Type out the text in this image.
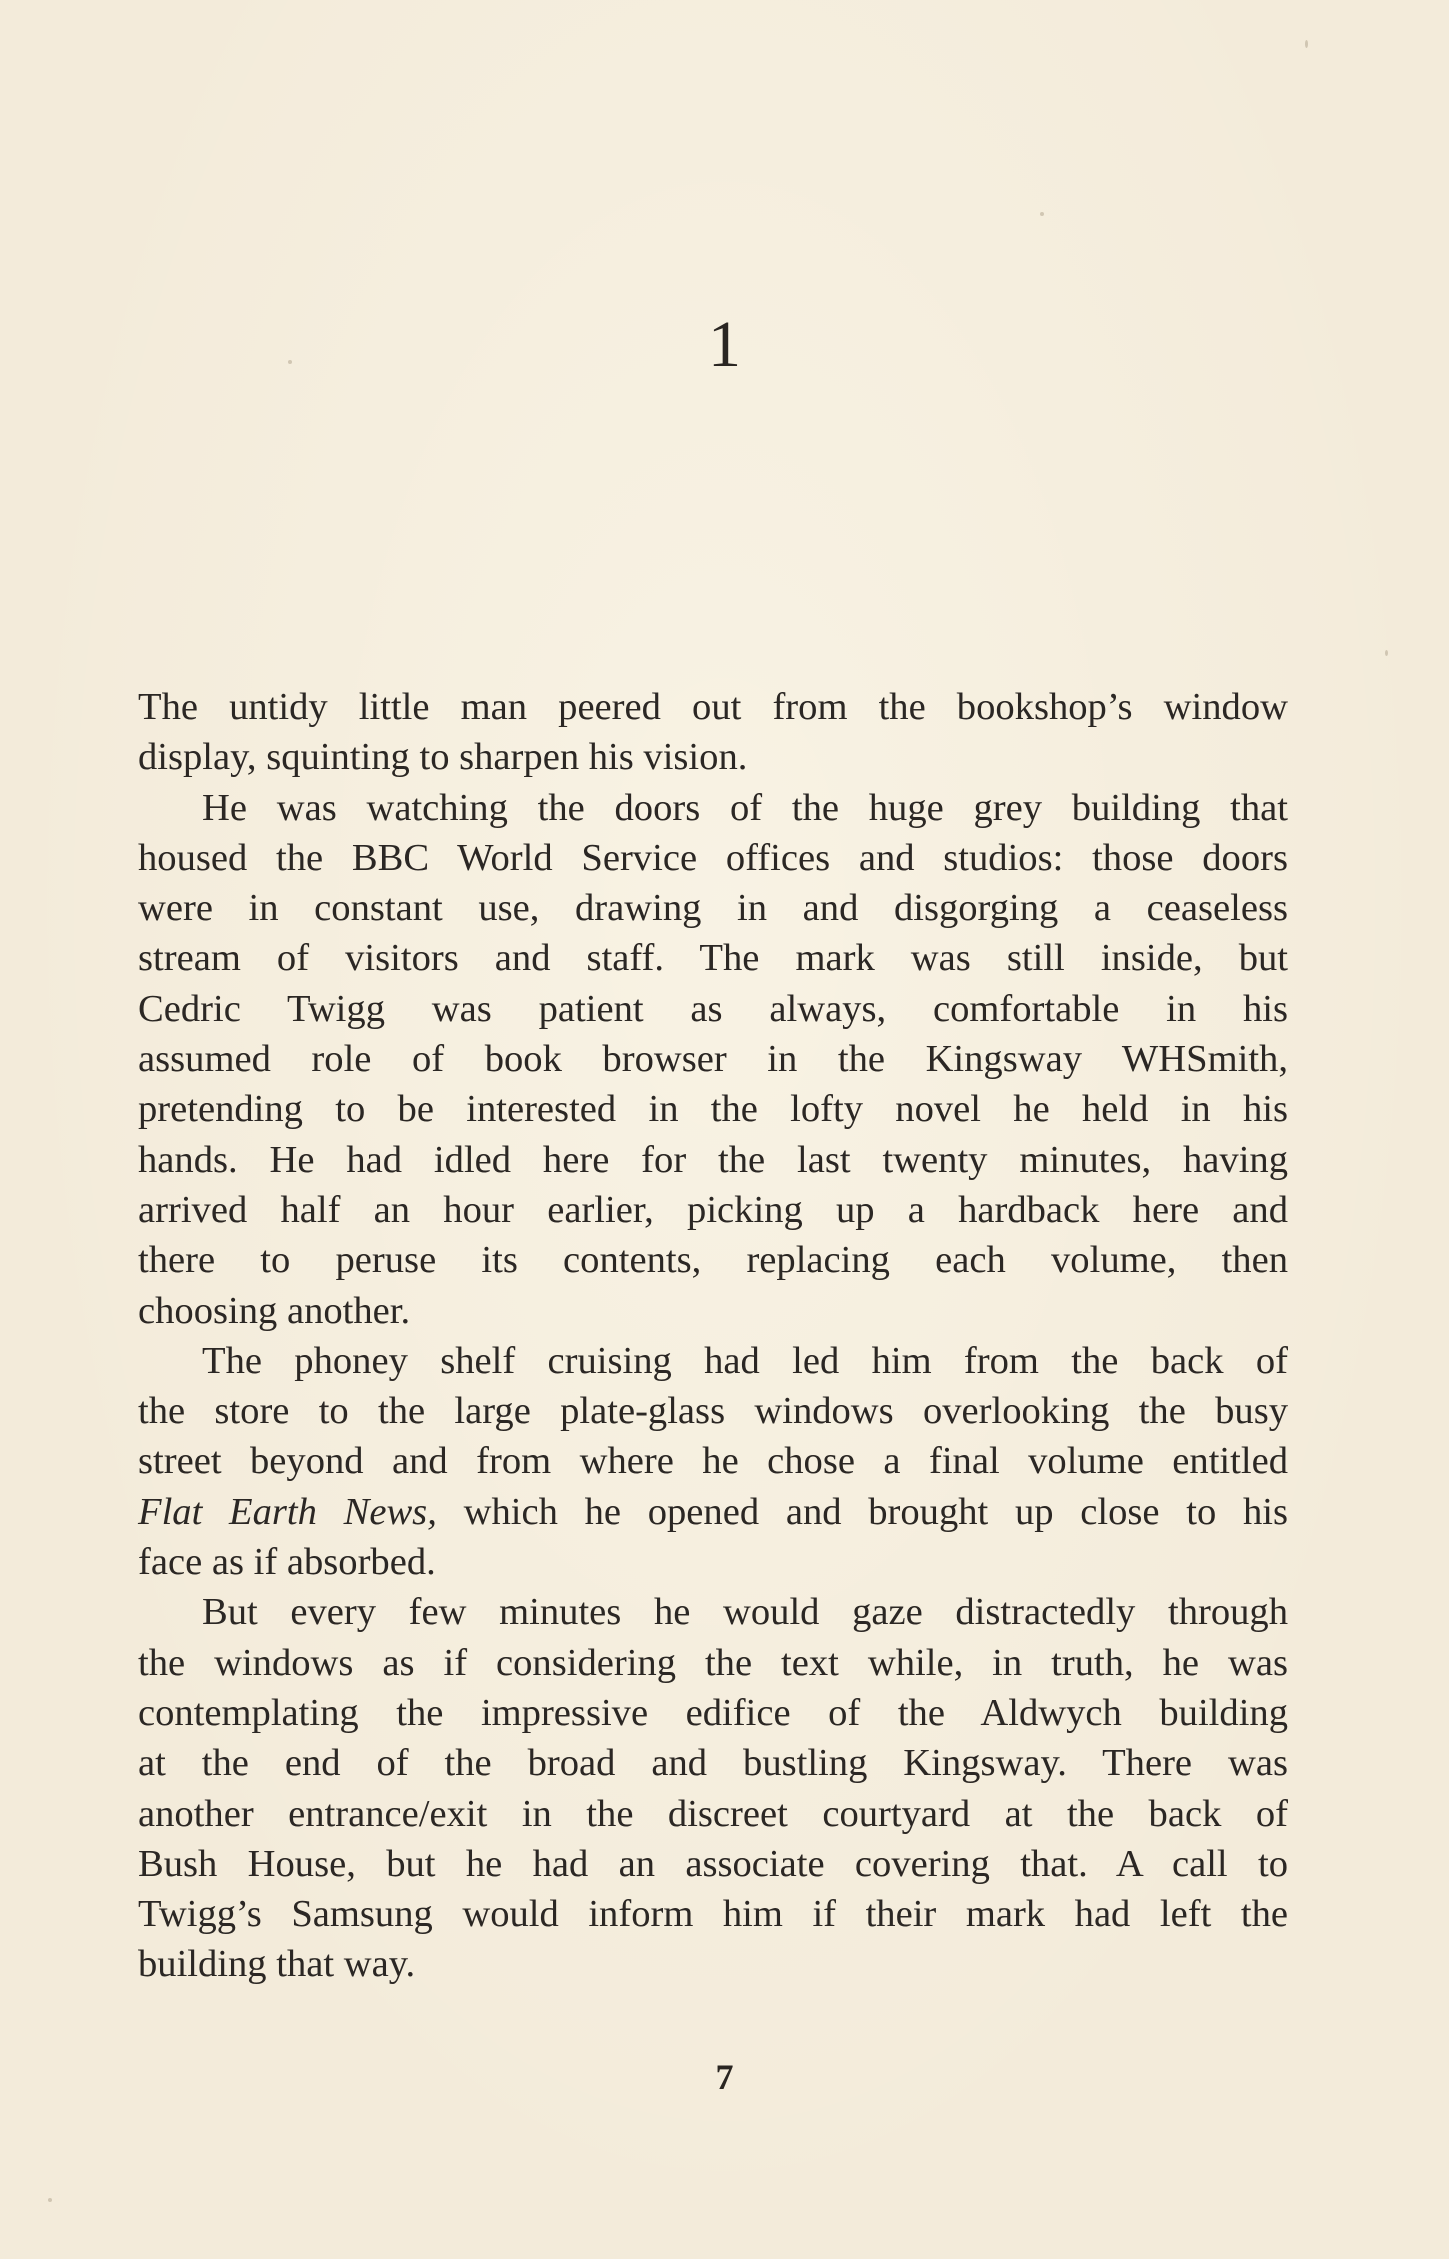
1

The untidy little man peered out from the bookshop’s window
display, squinting to sharpen his vision.

He was watching the doors of the huge grey building that
housed the BBC World Service offices and studios: those doors
were in constant use, drawing in and disgorging a ceaseless
stream of visitors and staff. The mark was still inside, but
Cedric Twigg was patient as always, comfortable in his
assumed role of book browser in the Kingsway WHSmith,
pretending to be interested in the lofty novel he held in his
hands. He had idled here for the last twenty minutes, having
arrived half an hour earlier, picking up a hardback here and
there to peruse its contents, replacing each volume, then
choosing another.

The phoney shelf cruising had led him from the back of
the store to the large plate-glass windows overlooking the busy
street beyond and from where he chose a final volume entitled
Flat Earth News, which he opened and brought up close to his
face as if absorbed.

But every few minutes he would gaze distractedly through
the windows as if considering the text while, in truth, he was
contemplating the impressive edifice of the Aldwych building
at the end of the broad and bustling Kingsway. There was
another entrance/exit in the discreet courtyard at the back of
Bush House, but he had an associate covering that. A call to
Twigg’s Samsung would inform him if their mark had left the
building that way.

7
